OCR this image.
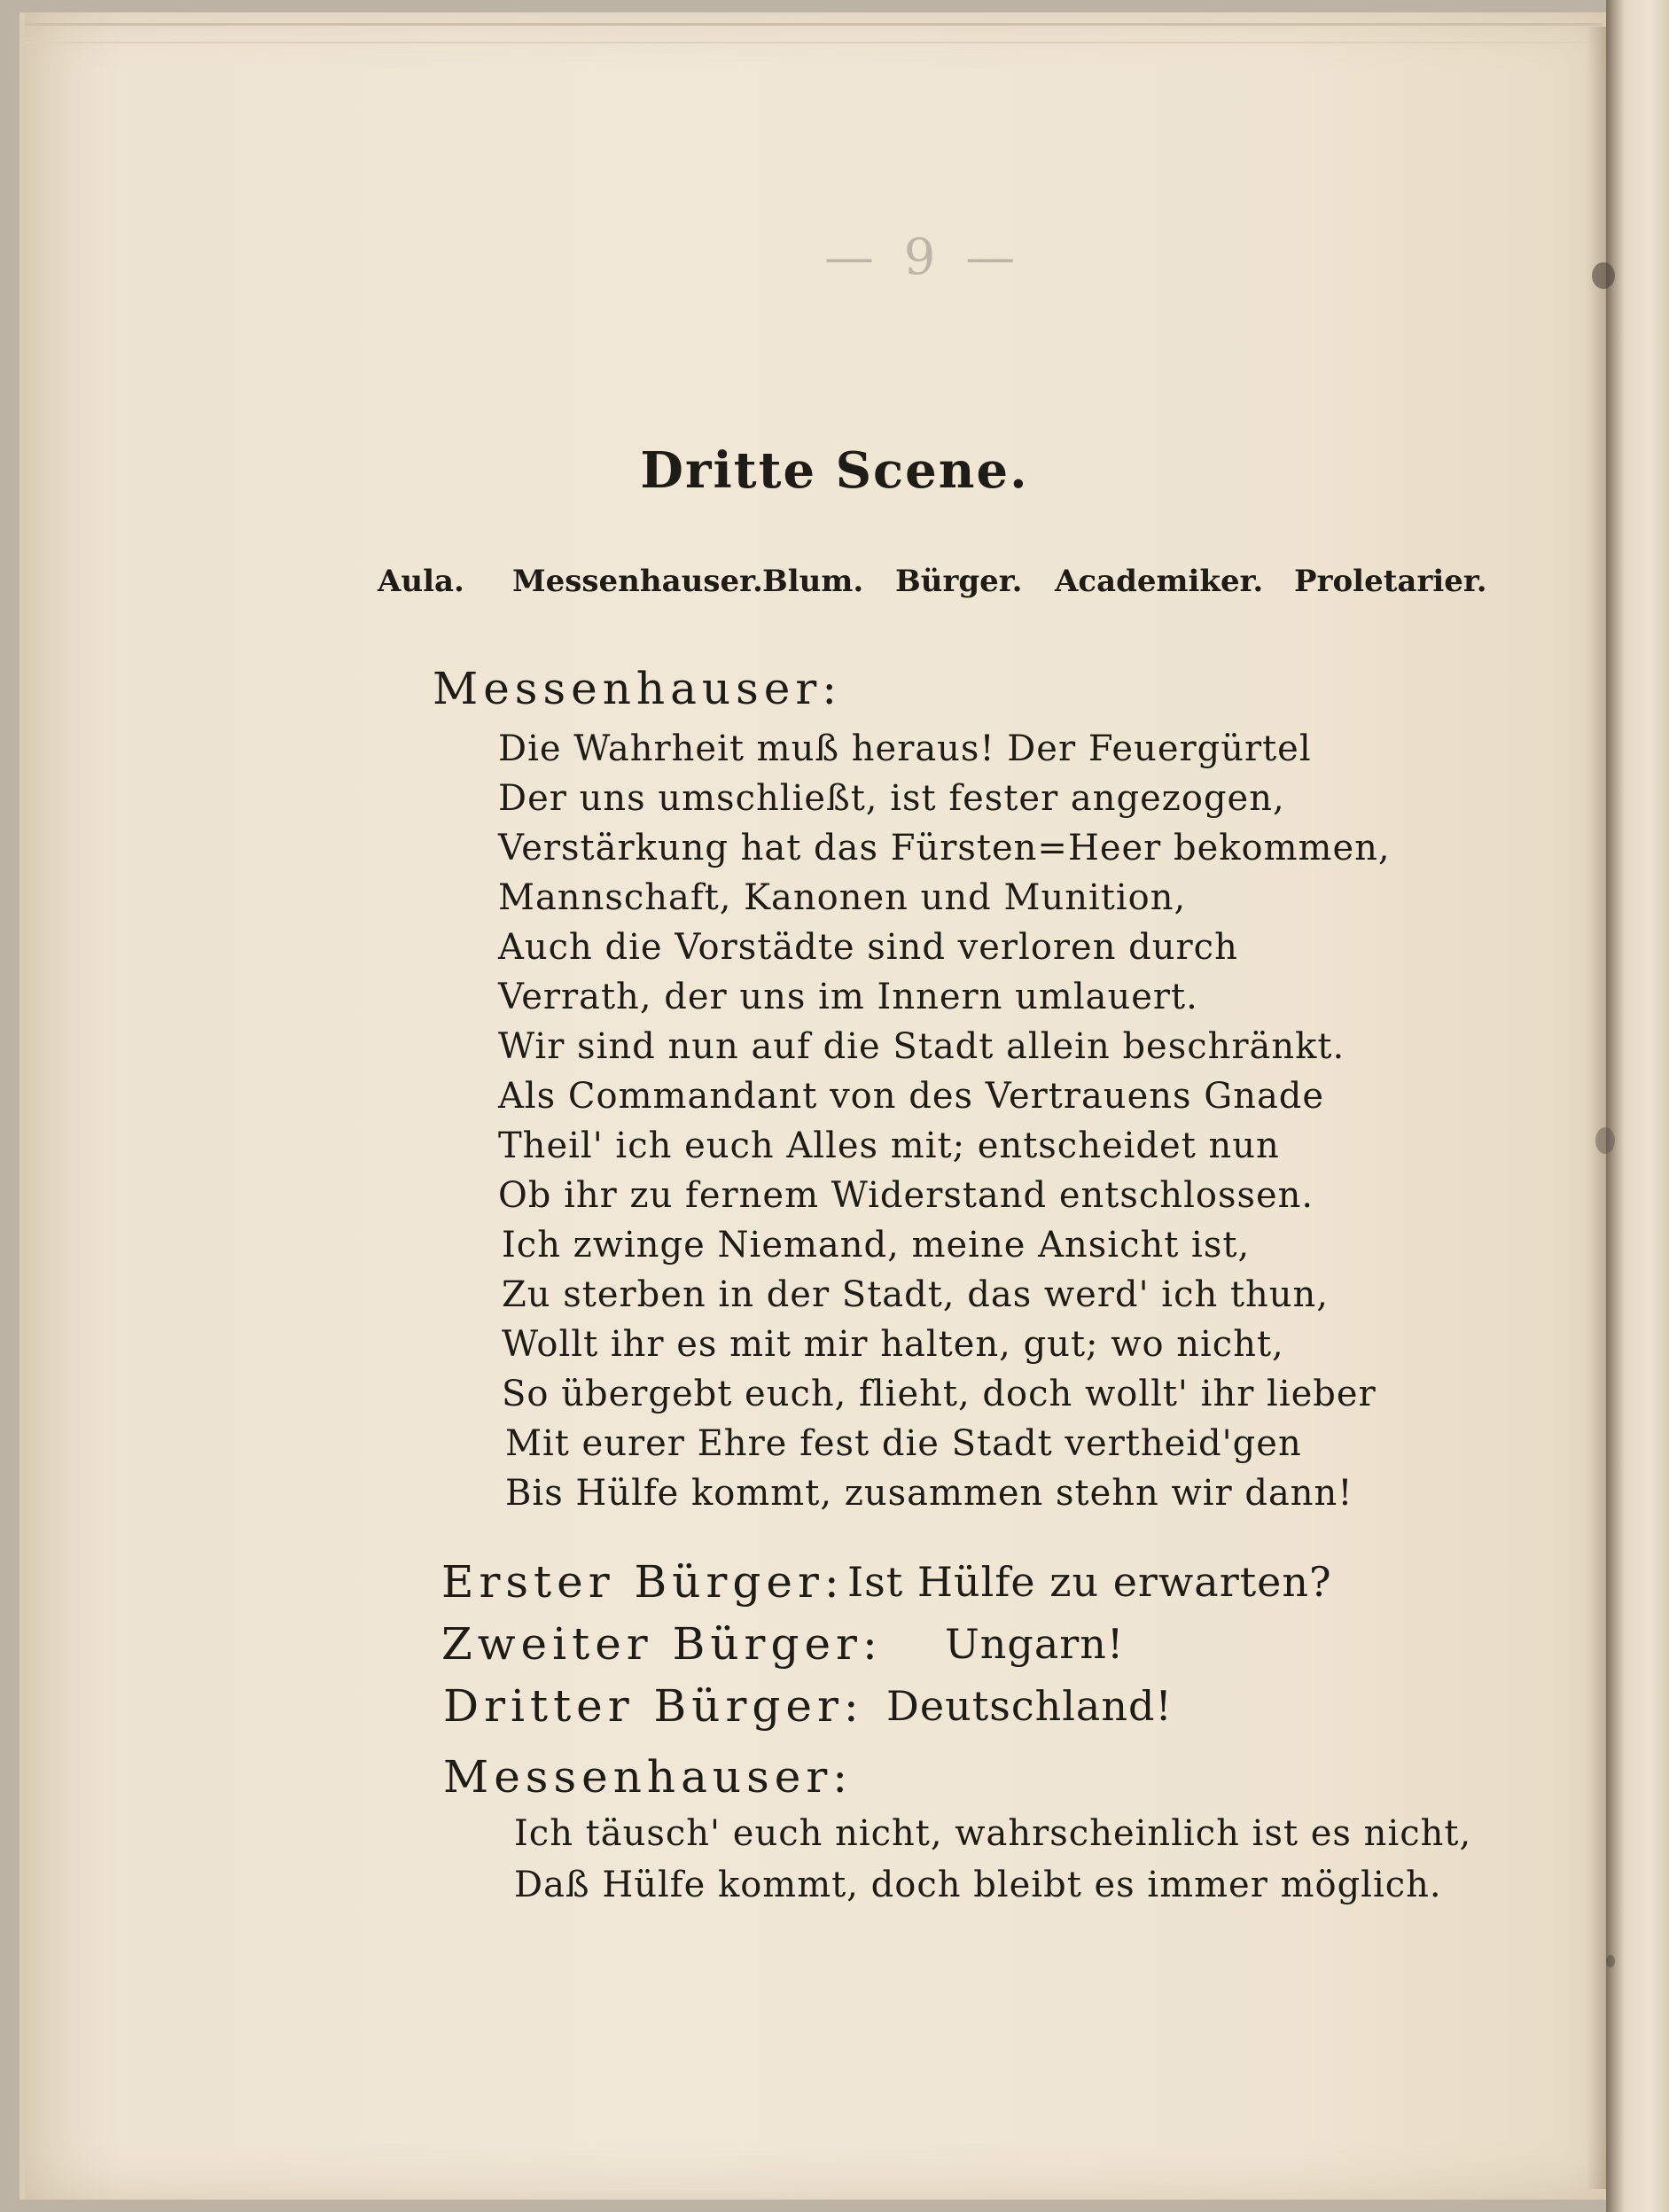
— 9 —
Dritte Scene.
Aula. Messenhauser. Blum. Bürger. Academiker. Proletarier.
Messenhauser:
Die Wahrheit muß heraus! Der Feuergürtel
Der uns umschließt, ist fester angezogen,
Verstärkung hat das Fürsten=Heer bekommen,
Mannschaft, Kanonen und Munition,
Auch die Vorstädte sind verloren durch
Verrath, der uns im Innern umlauert.
Wir sind nun auf die Stadt allein beschränkt.
Als Commandant von des Vertrauens Gnade
Theil' ich euch Alles mit; entscheidet nun
Ob ihr zu fernem Widerstand entschlossen.
Ich zwinge Niemand, meine Ansicht ist,
Zu sterben in der Stadt, das werd' ich thun,
Wollt ihr es mit mir halten, gut; wo nicht,
So übergebt euch, flieht, doch wollt' ihr lieber
Mit eurer Ehre fest die Stadt vertheid'gen
Bis Hülfe kommt, zusammen stehn wir dann!
Erster Bürger: Ist Hülfe zu erwarten?
Zweiter Bürger: Ungarn!
Dritter Bürger: Deutschland!
Messenhauser:
Ich täusch' euch nicht, wahrscheinlich ist es nicht,
Daß Hülfe kommt, doch bleibt es immer möglich.
